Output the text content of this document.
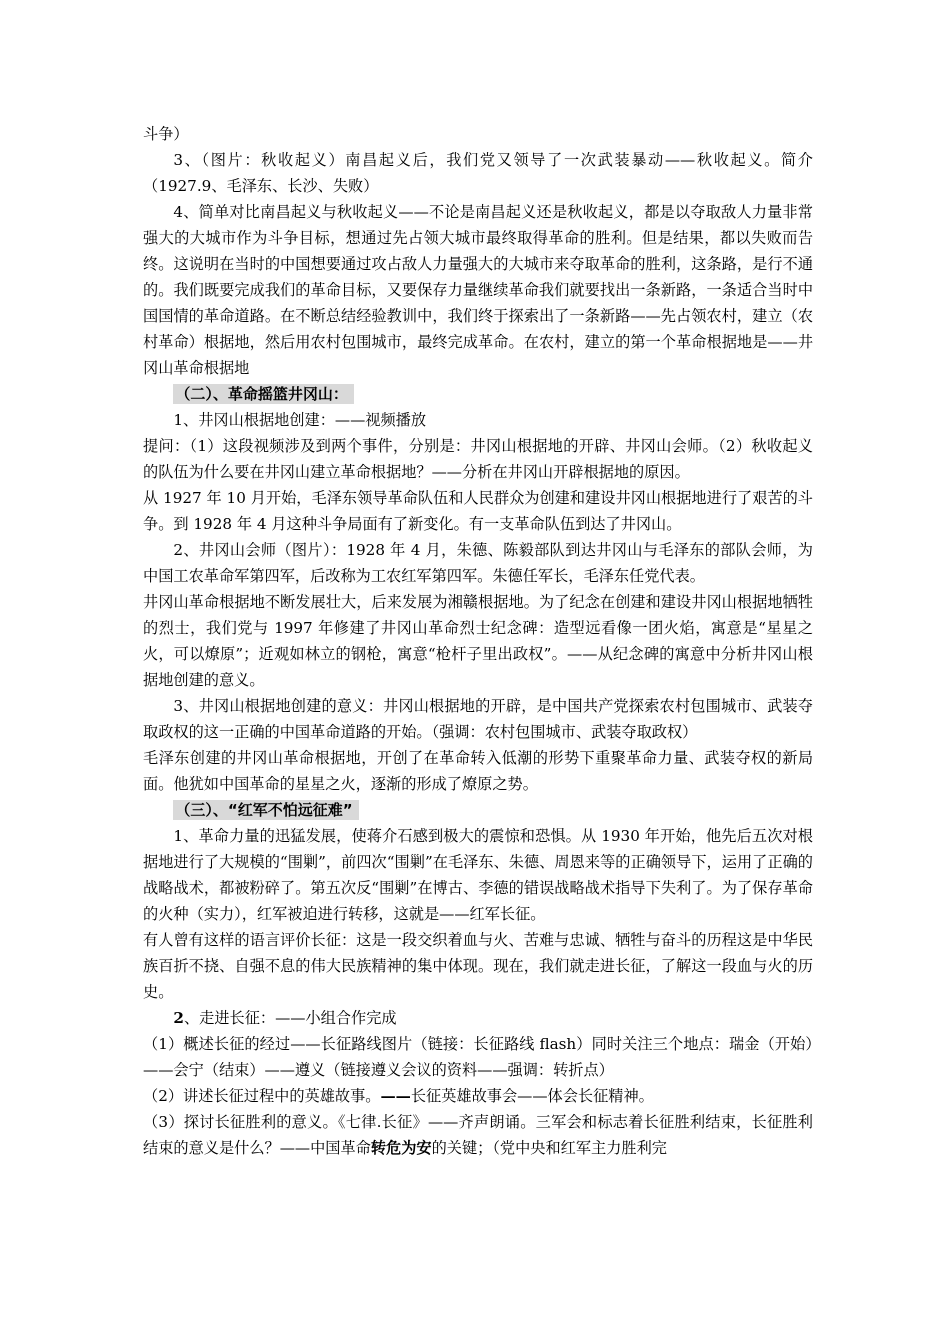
斗争）

3、（图片：秋收起义）南昌起义后，我们党又领导了一次武装暴动——秋收起义。简介（1927.9、毛泽东、长沙、失败）

4、简单对比南昌起义与秋收起义——不论是南昌起义还是秋收起义，都是以夺取敌人力量非常强大的大城市作为斗争目标，想通过先占领大城市最终取得革命的胜利。但是结果，都以失败而告终。这说明在当时的中国想要通过攻占敌人力量强大的大城市来夺取革命的胜利，这条路，是行不通的。我们既要完成我们的革命目标，又要保存力量继续革命我们就要找出一条新路，一条适合当时中国国情的革命道路。在不断总结经验教训中，我们终于探索出了一条新路——先占领农村，建立（农村革命）根据地，然后用农村包围城市，最终完成革命。在农村，建立的第一个革命根据地是——井冈山革命根据地

（二）、革命摇篮井冈山：

1、井冈山根据地创建：——视频播放

提问：（1）这段视频涉及到两个事件，分别是：井冈山根据地的开辟、井冈山会师。（2）秋收起义的队伍为什么要在井冈山建立革命根据地？——分析在井冈山开辟根据地的原因。

从 1927 年 10 月开始，毛泽东领导革命队伍和人民群众为创建和建设井冈山根据地进行了艰苦的斗争。到 1928 年 4 月这种斗争局面有了新变化。有一支革命队伍到达了井冈山。

2、井冈山会师（图片）：1928 年 4 月，朱德、陈毅部队到达井冈山与毛泽东的部队会师，为中国工农革命军第四军，后改称为工农红军第四军。朱德任军长，毛泽东任党代表。

井冈山革命根据地不断发展壮大，后来发展为湘赣根据地。为了纪念在创建和建设井冈山根据地牺牲的烈士，我们党与 1997 年修建了井冈山革命烈士纪念碑：造型远看像一团火焰，寓意是“星星之火，可以燎原”；近观如林立的钢枪，寓意“枪杆子里出政权”。——从纪念碑的寓意中分析井冈山根据地创建的意义。

3、井冈山根据地创建的意义：井冈山根据地的开辟，是中国共产党探索农村包围城市、武装夺取政权的这一正确的中国革命道路的开始。（强调：农村包围城市、武装夺取政权）

毛泽东创建的井冈山革命根据地，开创了在革命转入低潮的形势下重聚革命力量、武装夺权的新局面。他犹如中国革命的星星之火，逐渐的形成了燎原之势。

（三）、“红军不怕远征难”

1、革命力量的迅猛发展，使蒋介石感到极大的震惊和恐惧。从 1930 年开始，他先后五次对根据地进行了大规模的“围剿”，前四次“围剿”在毛泽东、朱德、周恩来等的正确领导下，运用了正确的战略战术，都被粉碎了。第五次反“围剿”在博古、李德的错误战略战术指导下失利了。为了保存革命的火种（实力），红军被迫进行转移，这就是——红军长征。

有人曾有这样的语言评价长征：这是一段交织着血与火、苦难与忠诚、牺牲与奋斗的历程这是中华民族百折不挠、自强不息的伟大民族精神的集中体现。现在，我们就走进长征，了解这一段血与火的历史。

2、走进长征：——小组合作完成

（1）概述长征的经过——长征路线图片（链接：长征路线 flash）同时关注三个地点：瑞金（开始）——会宁（结束）——遵义（链接遵义会议的资料——强调：转折点）

（2）讲述长征过程中的英雄故事。——长征英雄故事会——体会长征精神。

（3）探讨长征胜利的意义。《七律.长征》——齐声朗诵。三军会和标志着长征胜利结束，长征胜利结束的意义是什么？——中国革命转危为安的关键；（党中央和红军主力胜利完
